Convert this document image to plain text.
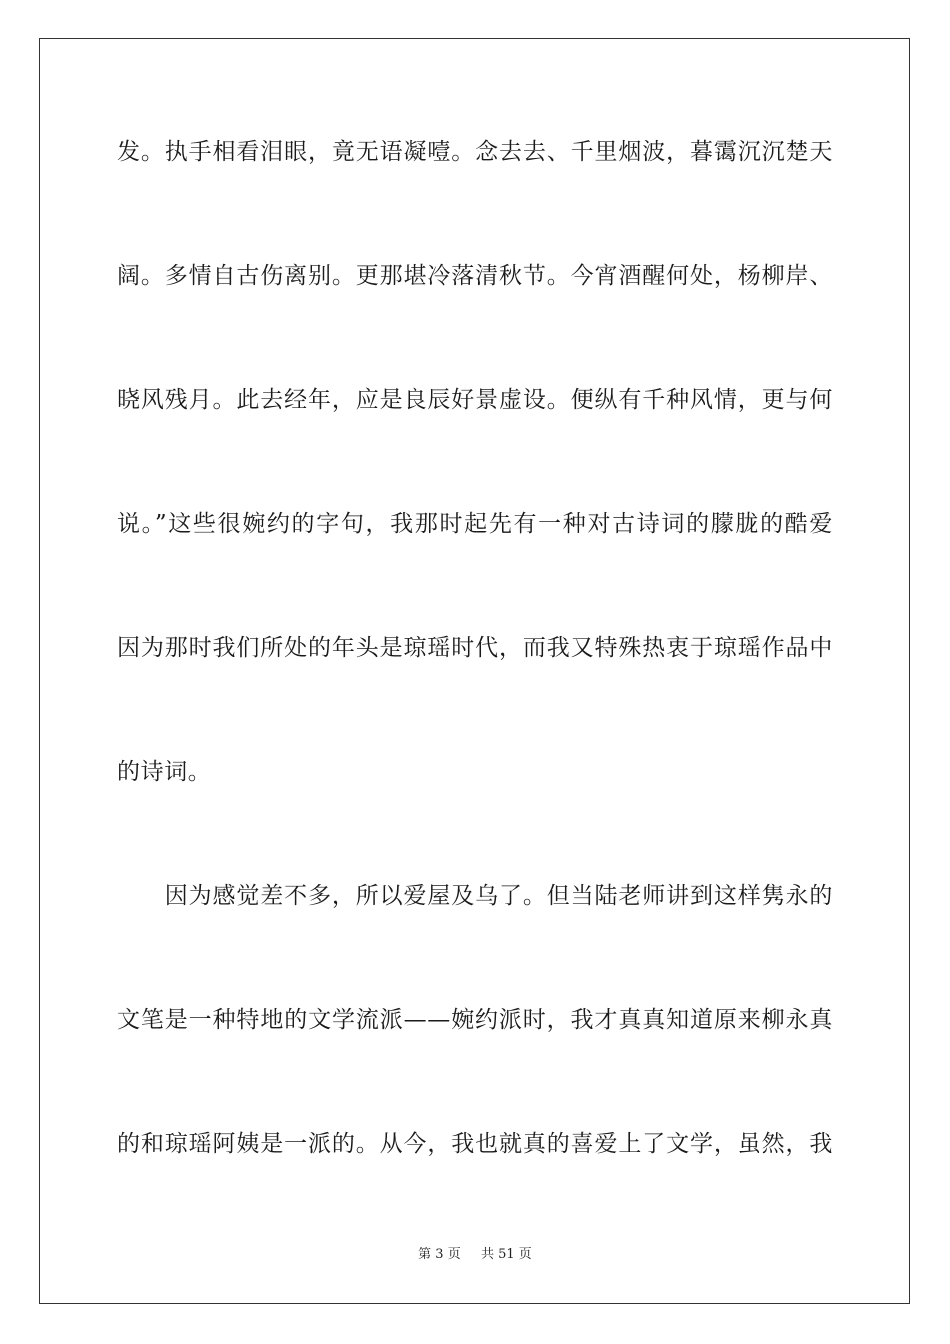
发。执手相看泪眼，竟无语凝噎。念去去、千里烟波，暮霭沉沉楚天
阔。多情自古伤离别。更那堪冷落清秋节。今宵酒醒何处，杨柳岸、
晓风残月。此去经年，应是良辰好景虚设。便纵有千种风情，更与何
说。”这些很婉约的字句，我那时起先有一种对古诗词的朦胧的酷爱
因为那时我们所处的年头是琼瑶时代，而我又特殊热衷于琼瑶作品中
的诗词。
　　因为感觉差不多，所以爱屋及乌了。但当陆老师讲到这样隽永的
文笔是一种特地的文学流派——婉约派时，我才真真知道原来柳永真
的和琼瑶阿姨是一派的。从今，我也就真的喜爱上了文学，虽然，我
第 3 页 共 51 页
